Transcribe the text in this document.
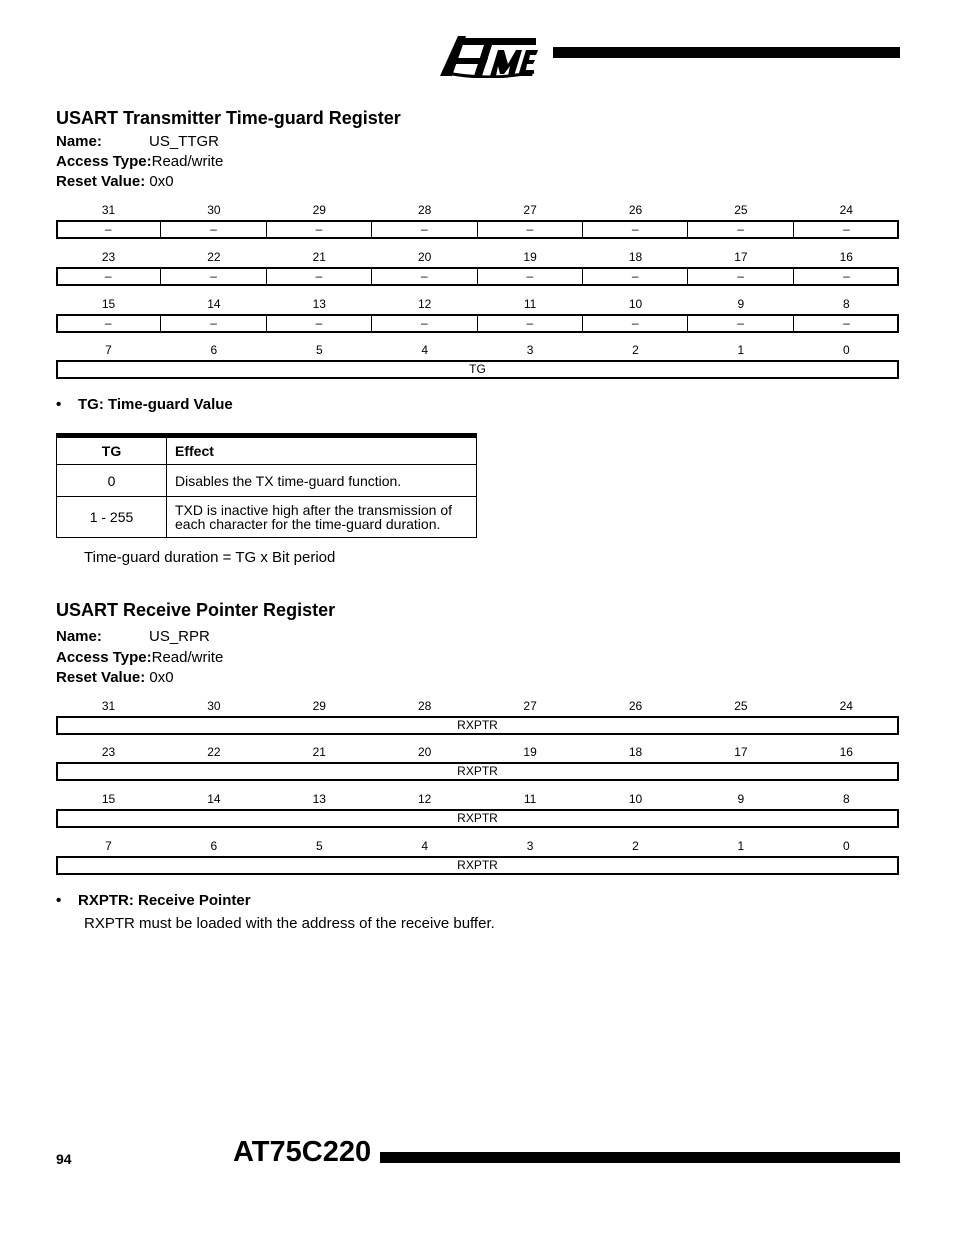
USART Transmitter Time-guard Register
Name:	US_TTGR
Access Type:Read/write
Reset Value: 0x0
31	30	29	28	27	26	25	24
–	–	–	–	–	–	–	–
23	22	21	20	19	18	17	16
–	–	–	–	–	–	–	–
15	14	13	12	11	10	9	8
–	–	–	–	–	–	–	–
7	6	5	4	3	2	1	0
TG
• TG: Time-guard Value
TG	Effect
0	Disables the TX time-guard function.
1 - 255	TXD is inactive high after the transmission of each character for the time-guard duration.
Time-guard duration = TG x Bit period
USART Receive Pointer Register
Name:	US_RPR
Access Type:Read/write
Reset Value: 0x0
31	30	29	28	27	26	25	24
RXPTR
23	22	21	20	19	18	17	16
RXPTR
15	14	13	12	11	10	9	8
RXPTR
7	6	5	4	3	2	1	0
RXPTR
• RXPTR: Receive Pointer
RXPTR must be loaded with the address of the receive buffer.
94	AT75C220
